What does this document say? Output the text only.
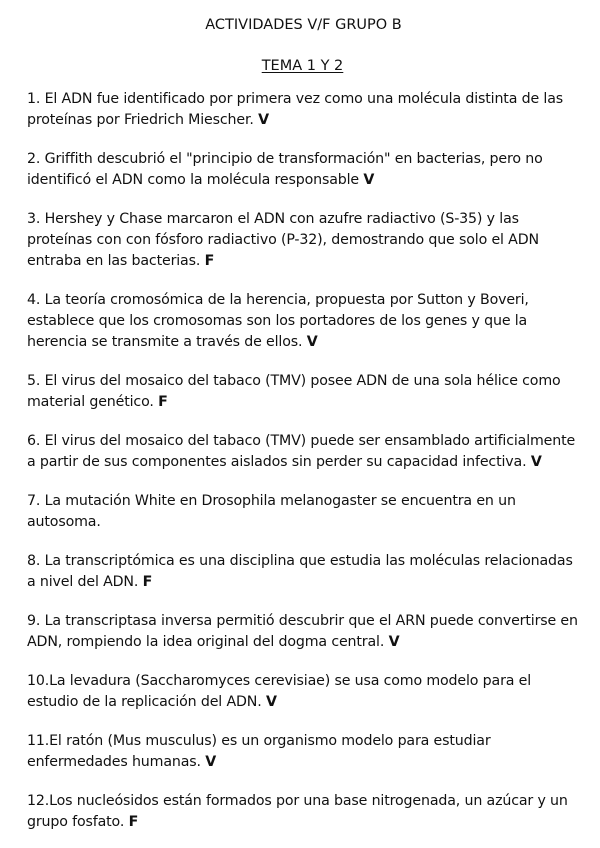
ACTIVIDADES V/F GRUPO B

TEMA 1 Y 2

1. El ADN fue identificado por primera vez como una molécula distinta de las proteínas por Friedrich Miescher. V

2. Griffith descubrió el "principio de transformación" en bacterias, pero no identificó el ADN como la molécula responsable V

3. Hershey y Chase marcaron el ADN con azufre radiactivo (S-35) y las proteínas con con fósforo radiactivo (P-32), demostrando que solo el ADN entraba en las bacterias. F

4. La teoría cromosómica de la herencia, propuesta por Sutton y Boveri, establece que los cromosomas son los portadores de los genes y que la herencia se transmite a través de ellos. V

5. El virus del mosaico del tabaco (TMV) posee ADN de una sola hélice como material genético. F

6. El virus del mosaico del tabaco (TMV) puede ser ensamblado artificialmente a partir de sus componentes aislados sin perder su capacidad infectiva. V

7. La mutación White en Drosophila melanogaster se encuentra en un autosoma.

8. La transcriptómica es una disciplina que estudia las moléculas relacionadas a nivel del ADN. F

9. La transcriptasa inversa permitió descubrir que el ARN puede convertirse en ADN, rompiendo la idea original del dogma central. V

10.La levadura (Saccharomyces cerevisiae) se usa como modelo para el estudio de la replicación del ADN. V

11.El ratón (Mus musculus) es un organismo modelo para estudiar enfermedades humanas. V

12.Los nucleósidos están formados por una base nitrogenada, un azúcar y un grupo fosfato. F
